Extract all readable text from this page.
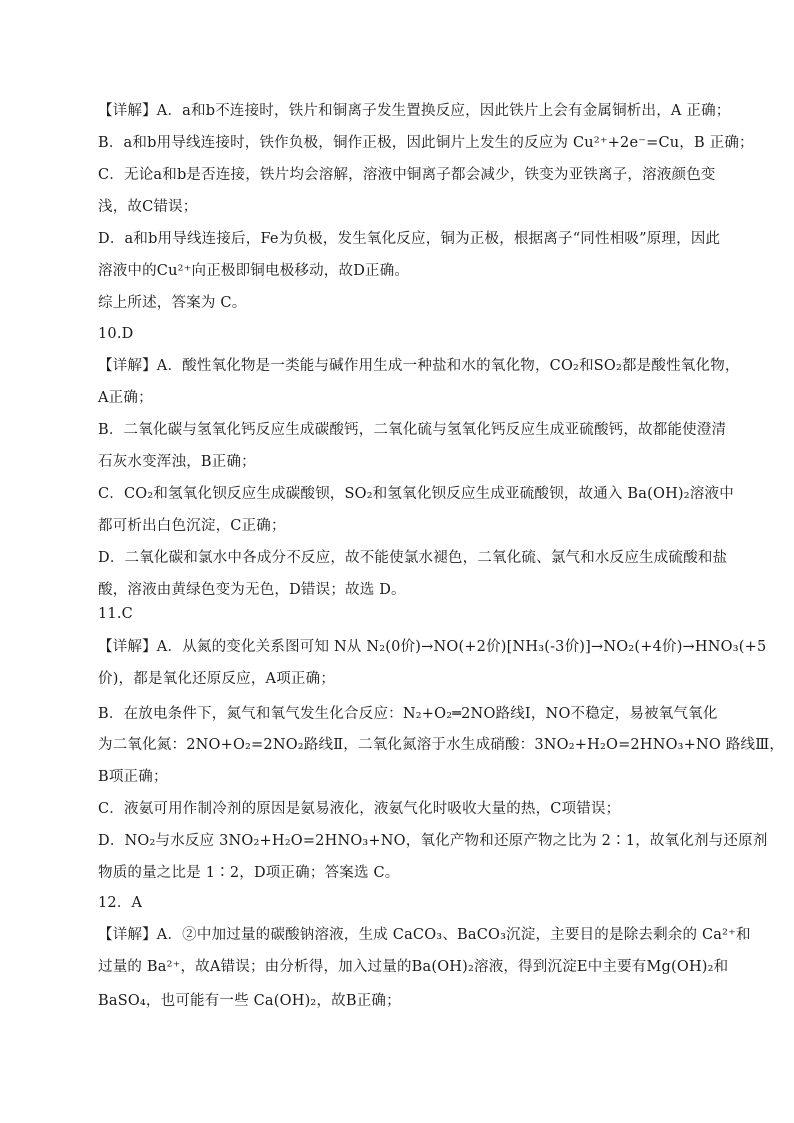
【详解】A．a和b不连接时，铁片和铜离子发生置换反应，因此铁片上会有金属铜析出，A 正确；
B．a和b用导线连接时，铁作负极，铜作正极，因此铜片上发生的反应为 Cu²⁺+2e⁻=Cu，B 正确；
C．无论a和b是否连接，铁片均会溶解，溶液中铜离子都会减少，铁变为亚铁离子，溶液颜色变
浅，故C错误；
D．a和b用导线连接后，Fe为负极，发生氧化反应，铜为正极，根据离子“同性相吸”原理，因此
溶液中的Cu²⁺向正极即铜电极移动，故D正确。
综上所述，答案为 C。
10.D
【详解】A．酸性氧化物是一类能与碱作用生成一种盐和水的氧化物，CO₂和SO₂都是酸性氧化物，
A正确；
B．二氧化碳与氢氧化钙反应生成碳酸钙，二氧化硫与氢氧化钙反应生成亚硫酸钙，故都能使澄清
石灰水变浑浊，B正确；
C．CO₂和氢氧化钡反应生成碳酸钡，SO₂和氢氧化钡反应生成亚硫酸钡，故通入 Ba(OH)₂溶液中
都可析出白色沉淀，C正确；
D．二氧化碳和氯水中各成分不反应，故不能使氯水褪色，二氧化硫、氯气和水反应生成硫酸和盐
酸，溶液由黄绿色变为无色，D错误；故选 D。
11.C
【详解】A．从氮的变化关系图可知 N从 N₂(0价)→NO(+2价)[NH₃(-3价)]→NO₂(+4价)→HNO₃(+5
价)，都是氧化还原反应，A项正确；
B．在放电条件下，氮气和氧气发生化合反应：N₂+O₂═2NO路线Ⅰ，NO不稳定，易被氧气氧化
为二氧化氮：2NO+O₂=2NO₂路线Ⅱ，二氧化氮溶于水生成硝酸：3NO₂+H₂O=2HNO₃+NO 路线Ⅲ，
B项正确；
C．液氨可用作制冷剂的原因是氨易液化，液氨气化时吸收大量的热，C项错误；
D．NO₂与水反应 3NO₂+H₂O=2HNO₃+NO，氧化产物和还原产物之比为 2∶1，故氧化剂与还原剂
物质的量之比是 1∶2，D项正确；答案选 C。
12．A
【详解】A．②中加过量的碳酸钠溶液，生成 CaCO₃、BaCO₃沉淀，主要目的是除去剩余的 Ca²⁺和
过量的 Ba²⁺，故A错误；由分析得，加入过量的Ba(OH)₂溶液，得到沉淀E中主要有Mg(OH)₂和
BaSO₄，也可能有一些 Ca(OH)₂，故B正确；
